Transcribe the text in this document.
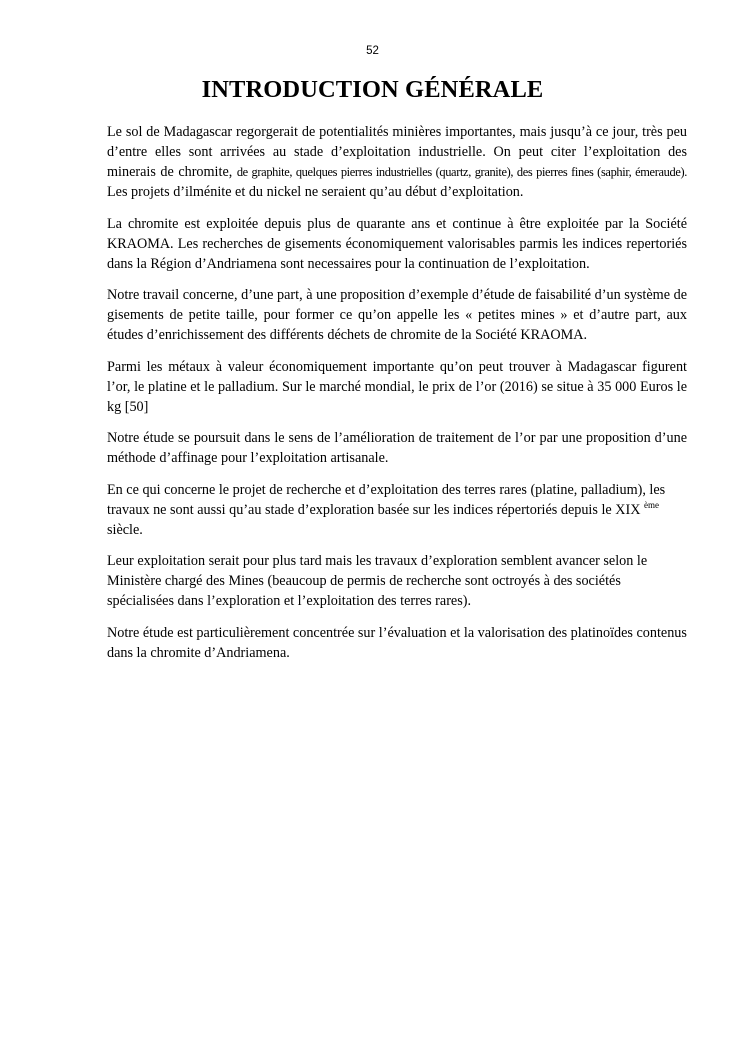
52
INTRODUCTION GÉNÉRALE

Le sol de Madagascar regorgerait de potentialités minières importantes, mais jusqu’à ce jour, très peu d’entre elles sont arrivées au stade d’exploitation industrielle. On peut citer l’exploitation des minerais de chromite, de graphite, quelques pierres industrielles (quartz, granite), des pierres fines (saphir, émeraude). Les projets d’ilménite et du nickel ne seraient qu’au début d’exploitation.

La chromite est exploitée depuis plus de quarante ans et continue à être exploitée par la Société KRAOMA. Les recherches de gisements économiquement valorisables parmis les indices repertoriés dans la Région d’Andriamena sont necessaires pour la continuation de l’exploitation.

Notre travail concerne, d’une part, à une proposition d’exemple d’étude de faisabilité d’un système de gisements de petite taille, pour former ce qu’on appelle les « petites mines » et d’autre part, aux études d’enrichissement des différents déchets de chromite de la Société KRAOMA.

Parmi les métaux à valeur économiquement importante qu’on peut trouver à Madagascar figurent l’or, le platine et le palladium. Sur le marché mondial, le prix de l’or (2016) se situe à 35 000 Euros le kg [50]

Notre étude se poursuit dans le sens de l’amélioration de traitement de l’or par une proposition d’une méthode d’affinage pour l’exploitation artisanale.

En ce qui concerne le projet de recherche et d’exploitation des terres rares (platine, palladium), les travaux ne sont aussi qu’au stade d’exploration basée sur les indices répertoriés depuis le XIX $^{ème}$ siècle.

Leur exploitation serait pour plus tard mais les travaux d’exploration semblent avancer selon le Ministère chargé des Mines (beaucoup de permis de recherche sont octroyés à des sociétés spécialisées dans l’exploration et l’exploitation des terres rares).

Notre étude est particulièrement concentrée sur l’évaluation et la valorisation des platinoïdes contenus dans la chromite d’Andriamena.
